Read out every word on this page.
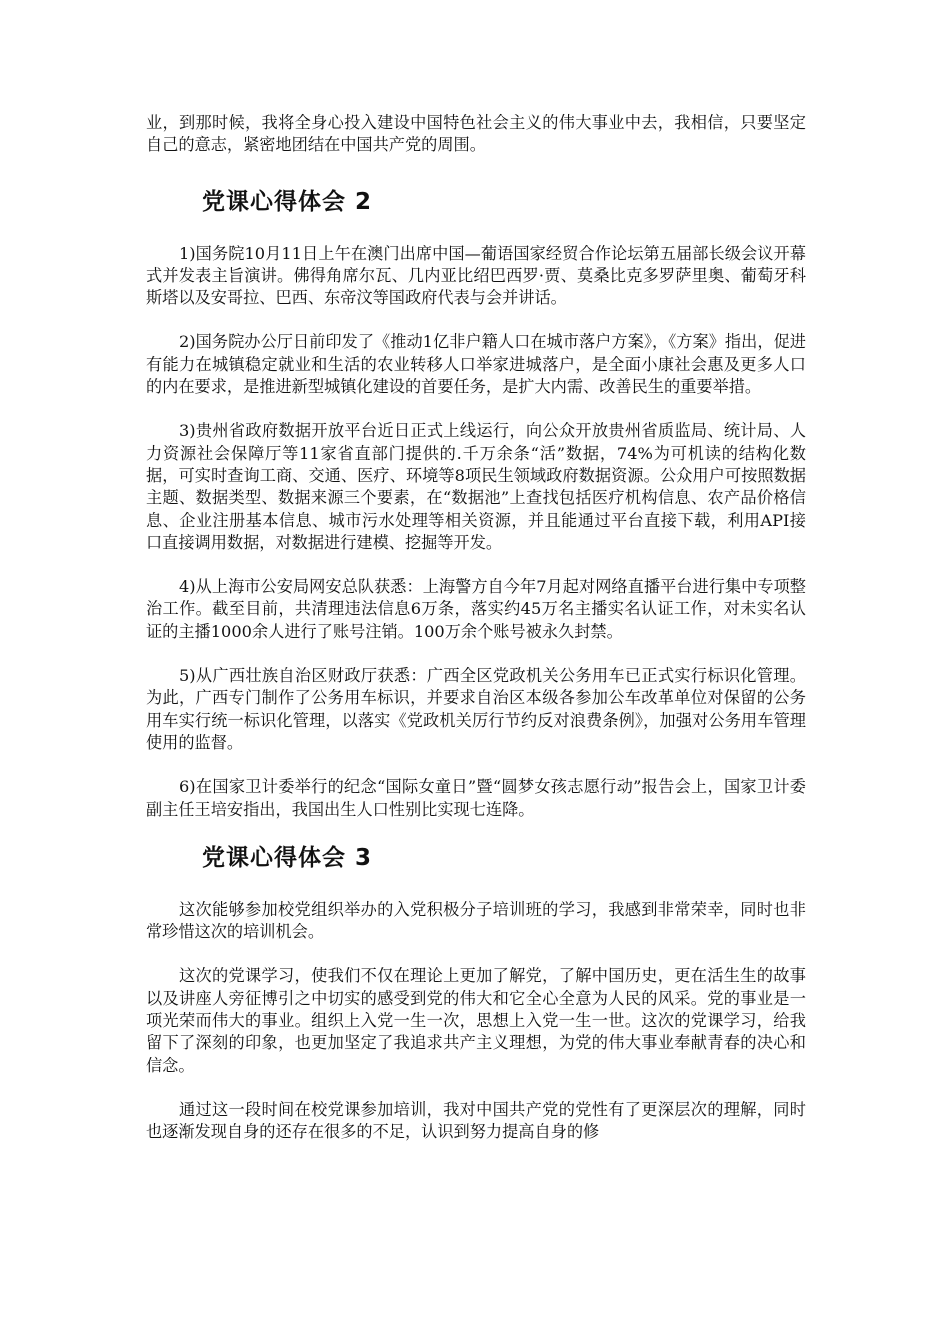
业，到那时候，我将全身心投入建设中国特色社会主义的伟大事业中去，我相信，只要坚定自己的意志，紧密地团结在中国共产党的周围。

党课心得体会 2

1)国务院10月11日上午在澳门出席中国—葡语国家经贸合作论坛第五届部长级会议开幕式并发表主旨演讲。佛得角席尔瓦、几内亚比绍巴西罗·贾、莫桑比克多罗萨里奥、葡萄牙科斯塔以及安哥拉、巴西、东帝汶等国政府代表与会并讲话。

2)国务院办公厅日前印发了《推动1亿非户籍人口在城市落户方案》，《方案》指出，促进有能力在城镇稳定就业和生活的农业转移人口举家进城落户，是全面小康社会惠及更多人口的内在要求，是推进新型城镇化建设的首要任务，是扩大内需、改善民生的重要举措。

3)贵州省政府数据开放平台近日正式上线运行，向公众开放贵州省质监局、统计局、人力资源社会保障厅等11家省直部门提供的.千万余条“活”数据，74%为可机读的结构化数据，可实时查询工商、交通、医疗、环境等8项民生领域政府数据资源。公众用户可按照数据主题、数据类型、数据来源三个要素，在“数据池”上查找包括医疗机构信息、农产品价格信息、企业注册基本信息、城市污水处理等相关资源，并且能通过平台直接下载，利用API接口直接调用数据，对数据进行建模、挖掘等开发。

4)从上海市公安局网安总队获悉：上海警方自今年7月起对网络直播平台进行集中专项整治工作。截至目前，共清理违法信息6万条，落实约45万名主播实名认证工作，对未实名认证的主播1000余人进行了账号注销。100万余个账号被永久封禁。

5)从广西壮族自治区财政厅获悉：广西全区党政机关公务用车已正式实行标识化管理。为此，广西专门制作了公务用车标识，并要求自治区本级各参加公车改革单位对保留的公务用车实行统一标识化管理，以落实《党政机关厉行节约反对浪费条例》，加强对公务用车管理使用的监督。

6)在国家卫计委举行的纪念“国际女童日”暨“圆梦女孩志愿行动”报告会上，国家卫计委副主任王培安指出，我国出生人口性别比实现七连降。

党课心得体会 3

这次能够参加校党组织举办的入党积极分子培训班的学习，我感到非常荣幸，同时也非常珍惜这次的培训机会。

这次的党课学习，使我们不仅在理论上更加了解党，了解中国历史，更在活生生的故事以及讲座人旁征博引之中切实的感受到党的伟大和它全心全意为人民的风采。党的事业是一项光荣而伟大的事业。组织上入党一生一次，思想上入党一生一世。这次的党课学习，给我留下了深刻的印象，也更加坚定了我追求共产主义理想，为党的伟大事业奉献青春的决心和信念。

通过这一段时间在校党课参加培训，我对中国共产党的党性有了更深层次的理解，同时也逐渐发现自身的还存在很多的不足，认识到努力提高自身的修
